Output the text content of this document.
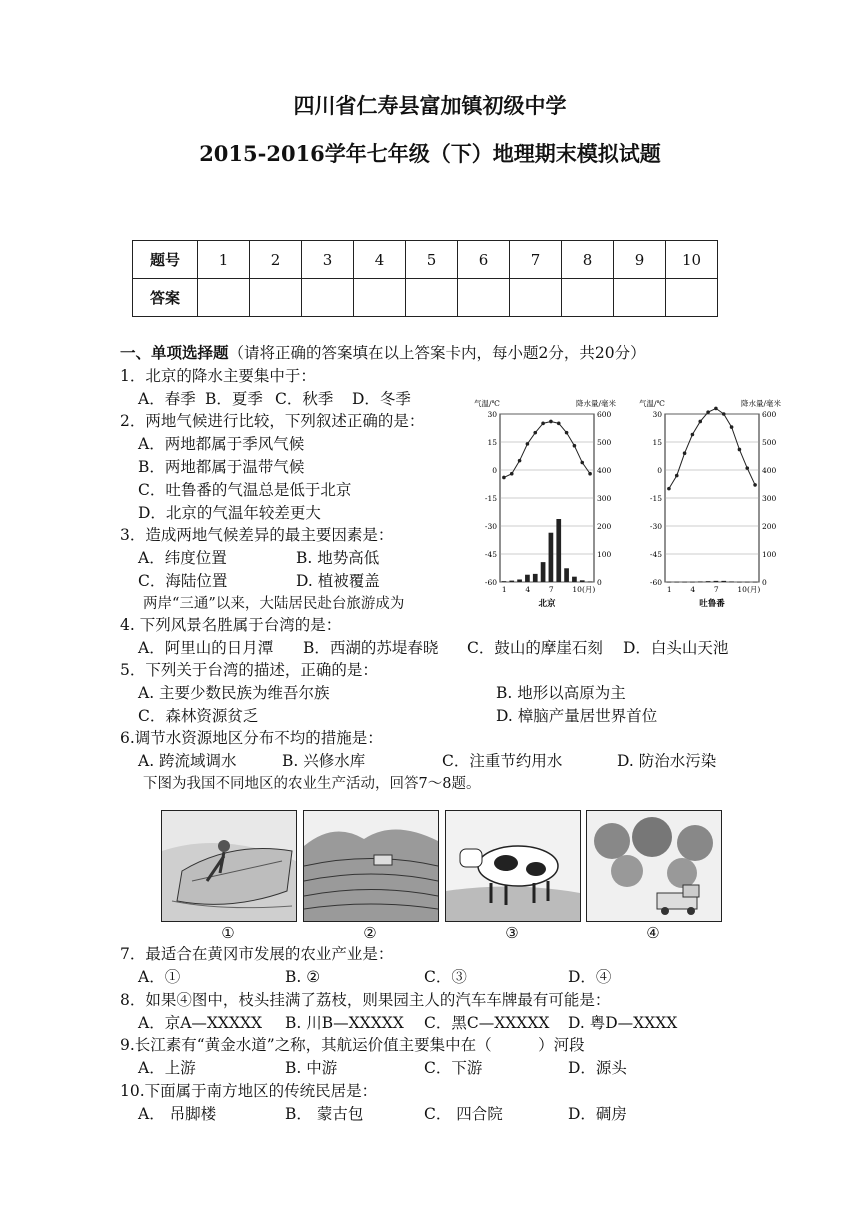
四川省仁寿县富加镇初级中学
2015-2016学年七年级（下）地理期末模拟试题
题号	1	2	3	4	5	6	7	8	9	10
答案										
一、单项选择题（请将正确的答案填在以上答案卡内，每小题2分，共20分）
1．北京的降水主要集中于：
A．春季 B．夏季 C．秋季 D．冬季
2．两地气候进行比较，下列叙述正确的是：
A．两地都属于季风气候
B．两地都属于温带气候
C．吐鲁番的气温总是低于北京
D．北京的气温年较差更大
3．造成两地气候差异的最主要因素是：
A．纬度位置	B. 地势高低
C．海陆位置	D. 植被覆盖
两岸“三通”以来，大陆居民赴台旅游成为
30
15
0
-15
-30
-45
-60
600
500
400
300
200
100
0
气温/℃	降水量/毫米
1 4 7 10(月)
北京
30
15
0
-15
-30
-45
-60
600
500
400
300
200
100
0
气温/℃	降水量/毫米
1 4 7 10(月)
吐鲁番
4. 下列风景名胜属于台湾的是：
A．阿里山的日月潭 B．西湖的苏堤春晓 C．鼓山的摩崖石刻 D．白头山天池
5．下列关于台湾的描述，正确的是：
A. 主要少数民族为维吾尔族	B. 地形以高原为主
C．森林资源贫乏	D. 樟脑产量居世界首位
6.调节水资源地区分布不均的措施是：
A. 跨流域调水	B. 兴修水库	C．注重节约用水	D. 防治水污染
下图为我国不同地区的农业生产活动，回答7～8题。
①	②	③	④
7．最适合在黄冈市发展的农业产业是：
A．①	B. ②	C．③	D．④
8．如果④图中，枝头挂满了荔枝，则果园主人的汽车车牌最有可能是：
A．京A—XXXXX B. 川B—XXXXX C．黑C—XXXXX D. 粤D—XXXX
9.长江素有“黄金水道”之称，其航运价值主要集中在（　　　）河段
A．上游	B. 中游	C．下游	D．源头
10.下面属于南方地区的传统民居是：
A． 吊脚楼	B． 蒙古包	C． 四合院	D．碉房
